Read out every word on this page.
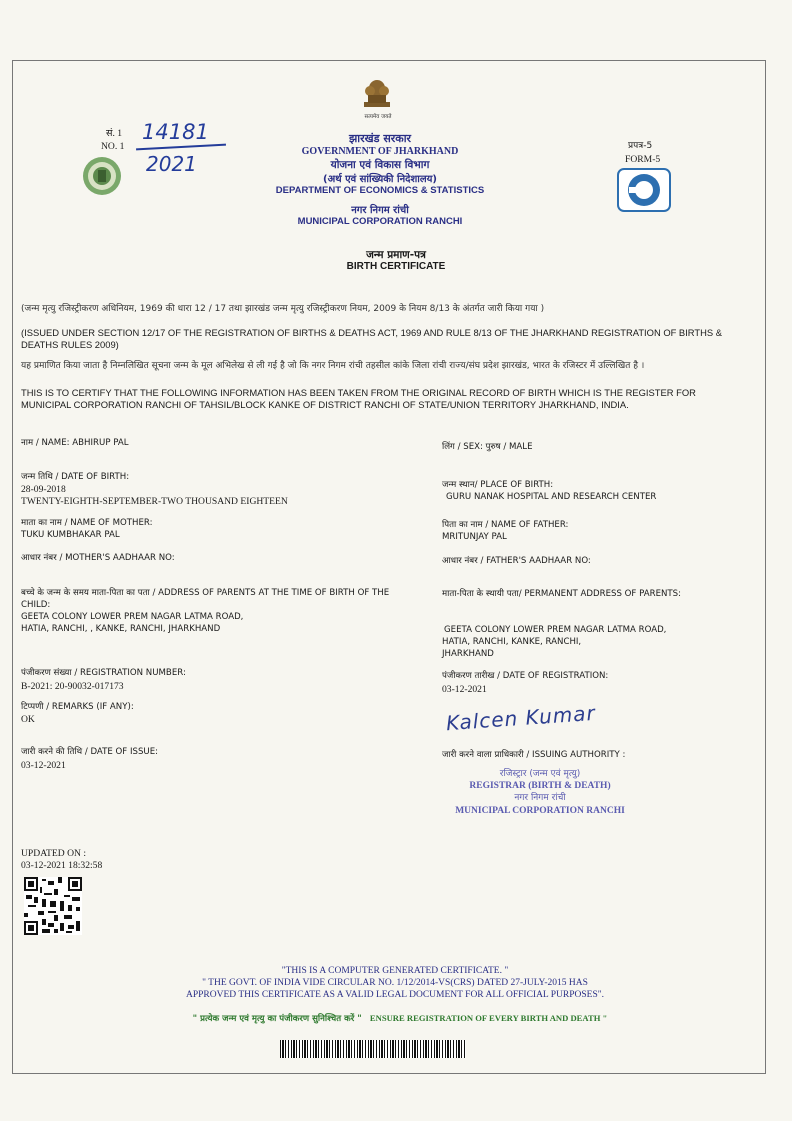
सत्यमेव जयते
सं. 1
NO. 1
14181
2021
झारखंड सरकार
GOVERNMENT OF JHARKHAND
योजना एवं विकास विभाग
(अर्थ एवं सांख्यिकी निदेशालय)
DEPARTMENT OF ECONOMICS & STATISTICS
नगर निगम रांची
MUNICIPAL CORPORATION RANCHI
प्रपत्र-5
FORM-5
जन्म प्रमाण-पत्र
BIRTH CERTIFICATE
(जन्म मृत्यु रजिस्ट्रीकरण अधिनियम, 1969 की धारा 12 / 17 तथा झारखंड जन्म मृत्यु रजिस्ट्रीकरण नियम, 2009 के नियम 8/13 के अंतर्गत जारी किया गया )
(ISSUED UNDER SECTION 12/17 OF THE REGISTRATION OF BIRTHS & DEATHS ACT, 1969 AND RULE 8/13 OF THE JHARKHAND REGISTRATION OF BIRTHS & DEATHS RULES 2009)
यह प्रमाणित किया जाता है निम्नलिखित सूचना जन्म के मूल अभिलेख से ली गई है जो कि नगर निगम रांची तहसील कांके जिला रांची राज्य/संघ प्रदेश झारखंड, भारत के रजिस्टर में उल्लिखित है ।
THIS IS TO CERTIFY THAT THE FOLLOWING INFORMATION HAS BEEN TAKEN FROM THE ORIGINAL RECORD OF BIRTH WHICH IS THE REGISTER FOR MUNICIPAL CORPORATION RANCHI OF TAHSIL/BLOCK KANKE OF DISTRICT RANCHI OF STATE/UNION TERRITORY JHARKHAND, INDIA.
नाम / NAME: ABHIRUP PAL
जन्म तिथि / DATE OF BIRTH:
28-09-2018
TWENTY-EIGHTH-SEPTEMBER-TWO THOUSAND EIGHTEEN
माता का नाम / NAME OF MOTHER:
TUKU KUMBHAKAR PAL
आधार नंबर / MOTHER'S AADHAAR NO:
बच्चे के जन्म के समय माता-पिता का पता / ADDRESS OF PARENTS AT THE TIME OF BIRTH OF THE CHILD:
GEETA COLONY LOWER PREM NAGAR LATMA ROAD, HATIA, RANCHI, , KANKE, RANCHI, JHARKHAND
पंजीकरण संख्या / REGISTRATION NUMBER:
B-2021: 20-90032-017173
टिप्पणी / REMARKS (IF ANY):
OK
जारी करने की तिथि / DATE OF ISSUE:
03-12-2021
लिंग / SEX: पुरुष / MALE
जन्म स्थान/ PLACE OF BIRTH:
GURU NANAK HOSPITAL AND RESEARCH CENTER
पिता का नाम / NAME OF FATHER:
MRITUNJAY PAL
आधार नंबर / FATHER'S AADHAAR NO:
माता-पिता के स्थायी पता/ PERMANENT ADDRESS OF PARENTS:
GEETA COLONY LOWER PREM NAGAR LATMA ROAD,
HATIA, RANCHI, KANKE, RANCHI,
JHARKHAND
पंजीकरण तारीख / DATE OF REGISTRATION:
03-12-2021
Kalcen Kumar
जारी करने वाला प्राधिकारी / ISSUING AUTHORITY :
रजिस्ट्रार (जन्म एवं मृत्यु)
REGISTRAR (BIRTH & DEATH)
नगर निगम रांची
MUNICIPAL CORPORATION RANCHI
UPDATED ON :
03-12-2021 18:32:58
"THIS IS A COMPUTER GENERATED CERTIFICATE. "
" THE GOVT. OF INDIA VIDE CIRCULAR NO. 1/12/2014-VS(CRS) DATED 27-JULY-2015 HAS
APPROVED THIS CERTIFICATE AS A VALID LEGAL DOCUMENT FOR ALL OFFICIAL PURPOSES".
" प्रत्येक जन्म एवं मृत्यु का पंजीकरण सुनिश्चित करें " ENSURE REGISTRATION OF EVERY BIRTH AND DEATH "
